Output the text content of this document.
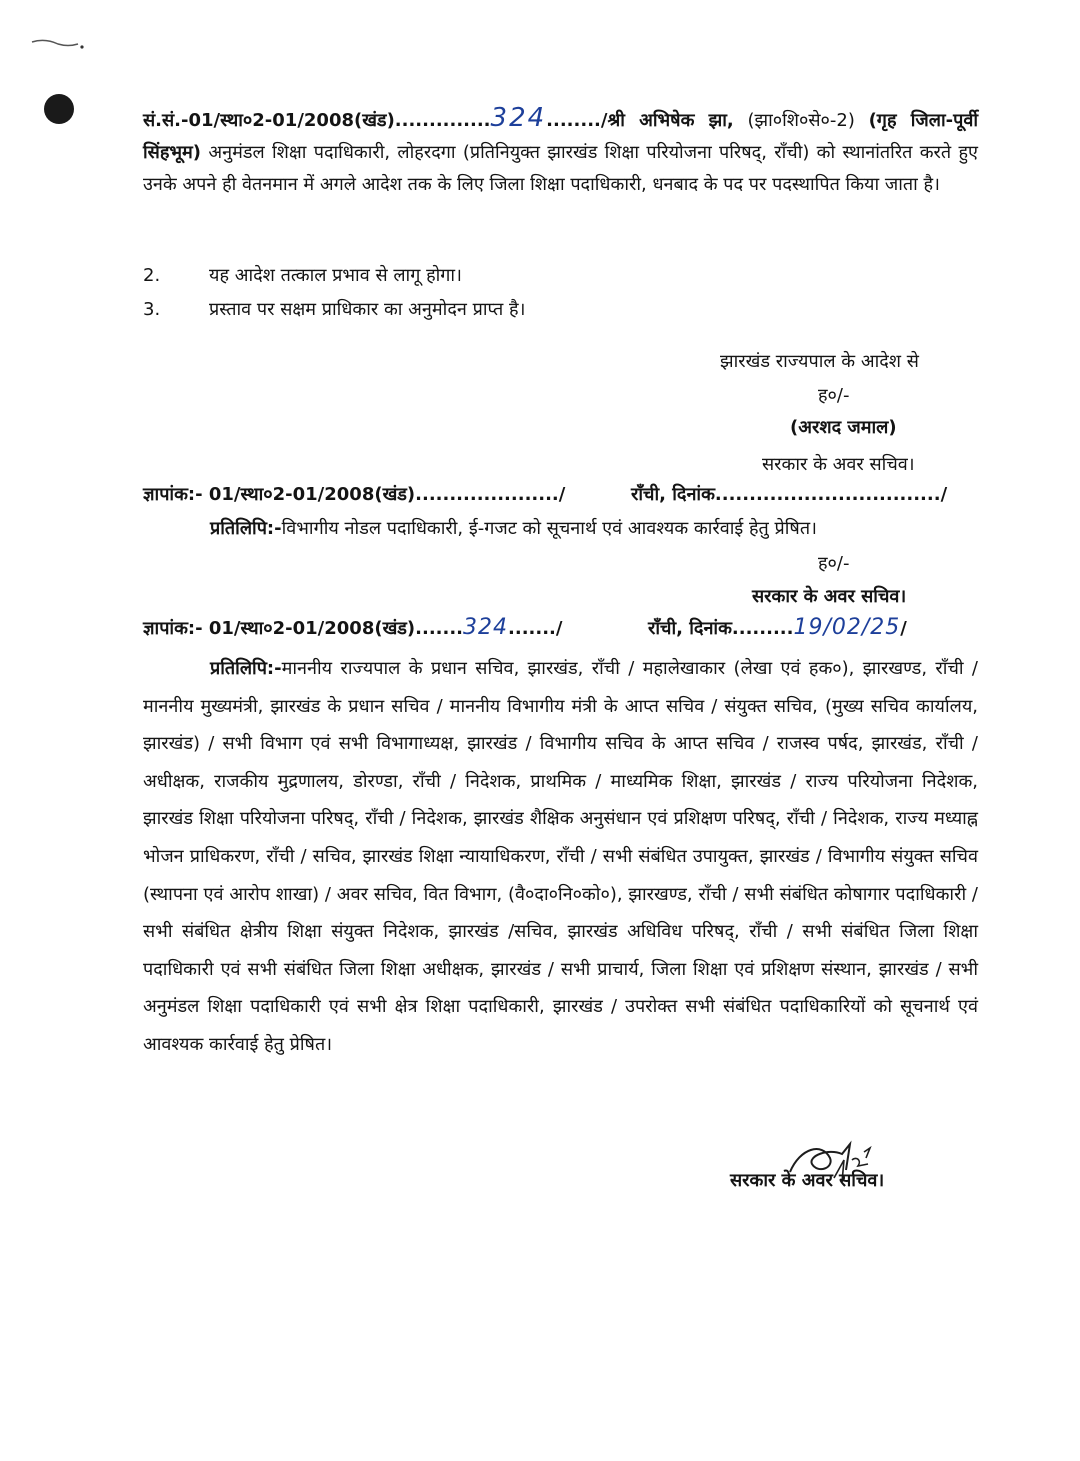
सं.सं.-01/स्था०2-01/2008(खंड)..............324......../श्री अभिषेक झा, (झा०शि०से०-2) (गृह जिला-पूर्वी सिंहभूम) अनुमंडल शिक्षा पदाधिकारी, लोहरदगा (प्रतिनियुक्त झारखंड शिक्षा परियोजना परिषद्, राँची) को स्थानांतरित करते हुए उनके अपने ही वेतनमान में अगले आदेश तक के लिए जिला शिक्षा पदाधिकारी, धनबाद के पद पर पदस्थापित किया जाता है।
2.	यह आदेश तत्काल प्रभाव से लागू होगा।
3.	प्रस्ताव पर सक्षम प्राधिकार का अनुमोदन प्राप्त है।
झारखंड राज्यपाल के आदेश से
ह०/-
(अरशद जमाल)
सरकार के अवर सचिव।
ज्ञापांक:- 01/स्था०2-01/2008(खंड)...................../	राँची, दिनांक................................./
प्रतिलिपि:-विभागीय नोडल पदाधिकारी, ई-गजट को सूचनार्थ एवं आवश्यक कार्रवाई हेतु प्रेषित।
ह०/-
सरकार के अवर सचिव।
ज्ञापांक:- 01/स्था०2-01/2008(खंड).......324......./	राँची, दिनांक.........19/02/25/
प्रतिलिपि:-माननीय राज्यपाल के प्रधान सचिव, झारखंड, राँची / महालेखाकार (लेखा एवं हक०), झारखण्ड, राँची / माननीय मुख्यमंत्री, झारखंड के प्रधान सचिव / माननीय विभागीय मंत्री के आप्त सचिव / संयुक्त सचिव, (मुख्य सचिव कार्यालय, झारखंड) / सभी विभाग एवं सभी विभागाध्यक्ष, झारखंड / विभागीय सचिव के आप्त सचिव / राजस्व पर्षद, झारखंड, राँची / अधीक्षक, राजकीय मुद्रणालय, डोरण्डा, राँची / निदेशक, प्राथमिक / माध्यमिक शिक्षा, झारखंड / राज्य परियोजना निदेशक, झारखंड शिक्षा परियोजना परिषद्, राँची / निदेशक, झारखंड शैक्षिक अनुसंधान एवं प्रशिक्षण परिषद्, राँची / निदेशक, राज्य मध्याह्न भोजन प्राधिकरण, राँची / सचिव, झारखंड शिक्षा न्यायाधिकरण, राँची / सभी संबंधित उपायुक्त, झारखंड / विभागीय संयुक्त सचिव (स्थापना एवं आरोप शाखा) / अवर सचिव, वित विभाग, (वै०दा०नि०को०), झारखण्ड, राँची / सभी संबंधित कोषागार पदाधिकारी / सभी संबंधित क्षेत्रीय शिक्षा संयुक्त निदेशक, झारखंड /सचिव, झारखंड अधिविध परिषद्, राँची / सभी संबंधित जिला शिक्षा पदाधिकारी एवं सभी संबंधित जिला शिक्षा अधीक्षक, झारखंड / सभी प्राचार्य, जिला शिक्षा एवं प्रशिक्षण संस्थान, झारखंड / सभी अनुमंडल शिक्षा पदाधिकारी एवं सभी क्षेत्र शिक्षा पदाधिकारी, झारखंड / उपरोक्त सभी संबंधित पदाधिकारियों को सूचनार्थ एवं आवश्यक कार्रवाई हेतु प्रेषित।
सरकार के अवर सचिव।
